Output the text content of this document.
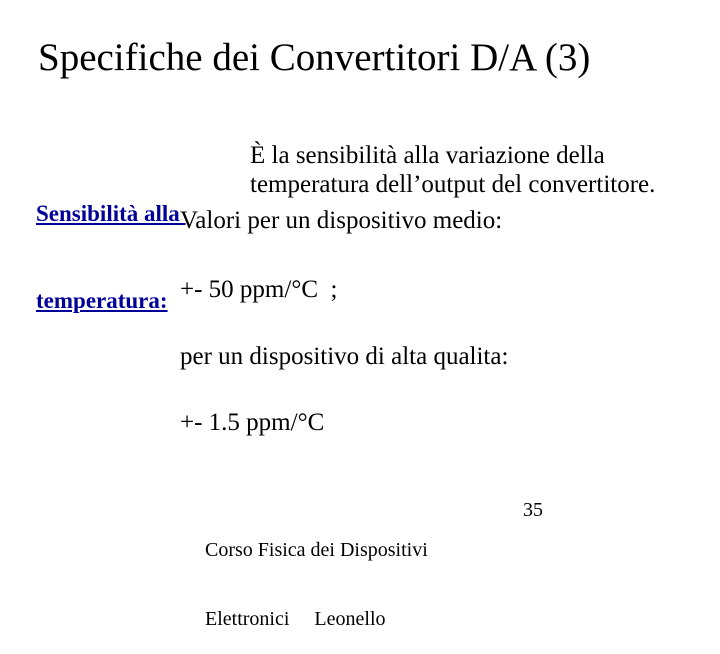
Specifiche dei Convertitori D/A (3)

Sensibilità alla

temperatura:

È la sensibilità alla variazione della
temperatura dell’output del convertitore.
Valori per un dispositivo medio:
+- 50 ppm/°C  ;
per un dispositivo di alta qualita:
+- 1.5 ppm/°C

Corso Fisica dei Dispositivi

Elettronici     Leonello

35
